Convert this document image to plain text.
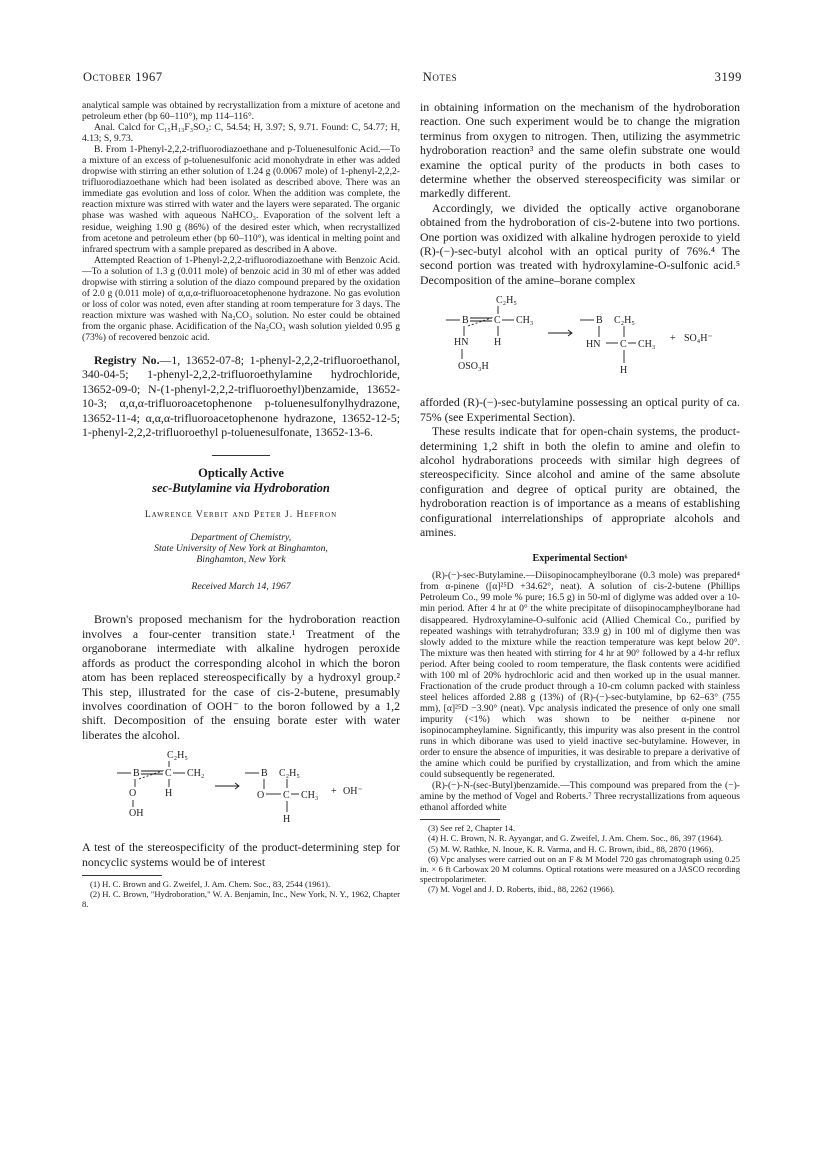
October 1967	Notes	3199

analytical sample was obtained by recrystallization from a mixture of acetone and petroleum ether (bp 60–110°), mp 114–116°.

Anal. Calcd for C₁₅H₁₃F₃SO₃: C, 54.54; H, 3.97; S, 9.71. Found: C, 54.77; H, 4.13; S, 9.73.

B. From 1-Phenyl-2,2,2-trifluorodiazoethane and p-Toluenesulfonic Acid.—To a mixture of an excess of p-toluenesulfonic acid monohydrate in ether was added dropwise with stirring an ether solution of 1.24 g (0.0067 mole) of 1-phenyl-2,2,2-trifluorodiazoethane which had been isolated as described above. There was an immediate gas evolution and loss of color. When the addition was complete, the reaction mixture was stirred with water and the layers were separated. The organic phase was washed with aqueous NaHCO₃. Evaporation of the solvent left a residue, weighing 1.90 g (86%) of the desired ester which, when recrystallized from acetone and petroleum ether (bp 60–110°), was identical in melting point and infrared spectrum with a sample prepared as described in A above.

Attempted Reaction of 1-Phenyl-2,2,2-trifluorodiazoethane with Benzoic Acid.—To a solution of 1.3 g (0.011 mole) of benzoic acid in 30 ml of ether was added dropwise with stirring a solution of the diazo compound prepared by the oxidation of 2.0 g (0.011 mole) of α,α,α-trifluoroacetophenone hydrazone. No gas evolution or loss of color was noted, even after standing at room temperature for 3 days. The reaction mixture was washed with Na₂CO₃ solution. No ester could be obtained from the organic phase. Acidification of the Na₂CO₃ wash solution yielded 0.95 g (73%) of recovered benzoic acid.

Registry No.—1, 13652-07-8; 1-phenyl-2,2,2-trifluoroethanol, 340-04-5; 1-phenyl-2,2,2-trifluoroethylamine hydrochloride, 13652-09-0; N-(1-phenyl-2,2,2-trifluoroethyl)benzamide, 13652-10-3; α,α,α-trifluoroacetophenone p-toluenesulfonylhydrazone, 13652-11-4; α,α,α-trifluoroacetophenone hydrazone, 13652-12-5; 1-phenyl-2,2,2-trifluoroethyl p-toluenesulfonate, 13652-13-6.

Optically Active
sec-Butylamine via Hydroboration
Lawrence Verbit and Peter J. Heffron
Department of Chemistry,
State University of New York at Binghamton,
Binghamton, New York
Received March 14, 1967

Brown's proposed mechanism for the hydroboration reaction involves a four-center transition state.¹ Treatment of the organoborane intermediate with alkaline hydrogen peroxide affords as product the corresponding alcohol in which the boron atom has been replaced stereospecifically by a hydroxyl group.² This step, illustrated for the case of cis-2-butene, presumably involves coordination of OOH⁻ to the boron followed by a 1,2 shift. Decomposition of the ensuing borate ester with water liberates the alcohol.

C₂H₅
B	C CH₂
O	H
OH
B C₂H₅
O C CH₃
H
+ OH⁻

A test of the stereospecificity of the product-determining step for noncyclic systems would be of interest

(1) H. C. Brown and G. Zweifel, J. Am. Chem. Soc., 83, 2544 (1961).

(2) H. C. Brown, "Hydroboration," W. A. Benjamin, Inc., New York, N. Y., 1962, Chapter 8.

in obtaining information on the mechanism of the hydroboration reaction. One such experiment would be to change the migration terminus from oxygen to nitrogen. Then, utilizing the asymmetric hydroboration reaction³ and the same olefin substrate one would examine the optical purity of the products in both cases to determine whether the observed stereospecificity was similar or markedly different.

Accordingly, we divided the optically active organoborane obtained from the hydroboration of cis-2-butene into two portions. One portion was oxidized with alkaline hydrogen peroxide to yield (R)-(−)-sec-butyl alcohol with an optical purity of 76%.⁴ The second portion was treated with hydroxylamine-O-sulfonic acid.⁵ Decomposition of the amine–borane complex

C₂H₅
B	C CH₃
HN	H
OSO₃H
B C₂H₅
HN C CH₃
H
+ SO₄H⁻

afforded (R)-(−)-sec-butylamine possessing an optical purity of ca. 75% (see Experimental Section).

These results indicate that for open-chain systems, the product-determining 1,2 shift in both the olefin to amine and olefin to alcohol hydraborations proceeds with similar high degrees of stereospecificity. Since alcohol and amine of the same absolute configuration and degree of optical purity are obtained, the hydroboration reaction is of importance as a means of establishing configurational interrelationships of appropriate alcohols and amines.

Experimental Section⁶

(R)-(−)-sec-Butylamine.—Diisopinocampheylborane (0.3 mole) was prepared⁴ from α-pinene ([α]²⁵D +34.62°, neat). A solution of cis-2-butene (Phillips Petroleum Co., 99 mole % pure; 16.5 g) in 50-ml of diglyme was added over a 10-min period. After 4 hr at 0° the white precipitate of diisopinocampheylborane had disappeared. Hydroxylamine-O-sulfonic acid (Allied Chemical Co., purified by repeated washings with tetrahydrofuran; 33.9 g) in 100 ml of diglyme then was slowly added to the mixture while the reaction temperature was kept below 20°. The mixture was then heated with stirring for 4 hr at 90° followed by a 4-hr reflux period. After being cooled to room temperature, the flask contents were acidified with 100 ml of 20% hydrochloric acid and then worked up in the usual manner. Fractionation of the crude product through a 10-cm column packed with stainless steel helices afforded 2.88 g (13%) of (R)-(−)-sec-butylamine, bp 62–63° (755 mm), [α]²⁵D −3.90° (neat). Vpc analysis indicated the presence of only one small impurity (<1%) which was shown to be neither α-pinene nor isopinocampheylamine. Significantly, this impurity was also present in the control runs in which diborane was used to yield inactive sec-butylamine. However, in order to ensure the absence of impurities, it was desirable to prepare a derivative of the amine which could be purified by crystallization, and from which the amine could subsequently be regenerated.

(R)-(−)-N-(sec-Butyl)benzamide.—This compound was prepared from the (−)-amine by the method of Vogel and Roberts.⁷ Three recrystallizations from aqueous ethanol afforded white

(3) See ref 2, Chapter 14.

(4) H. C. Brown, N. R. Ayyangar, and G. Zweifel, J. Am. Chem. Soc., 86, 397 (1964).

(5) M. W. Rathke, N. Inoue, K. R. Varma, and H. C. Brown, ibid., 88, 2870 (1966).

(6) Vpc analyses were carried out on an F & M Model 720 gas chromatograph using 0.25 in. × 6 ft Carbowax 20 M columns. Optical rotations were measured on a JASCO recording spectropolarimeter.

(7) M. Vogel and J. D. Roberts, ibid., 88, 2262 (1966).
